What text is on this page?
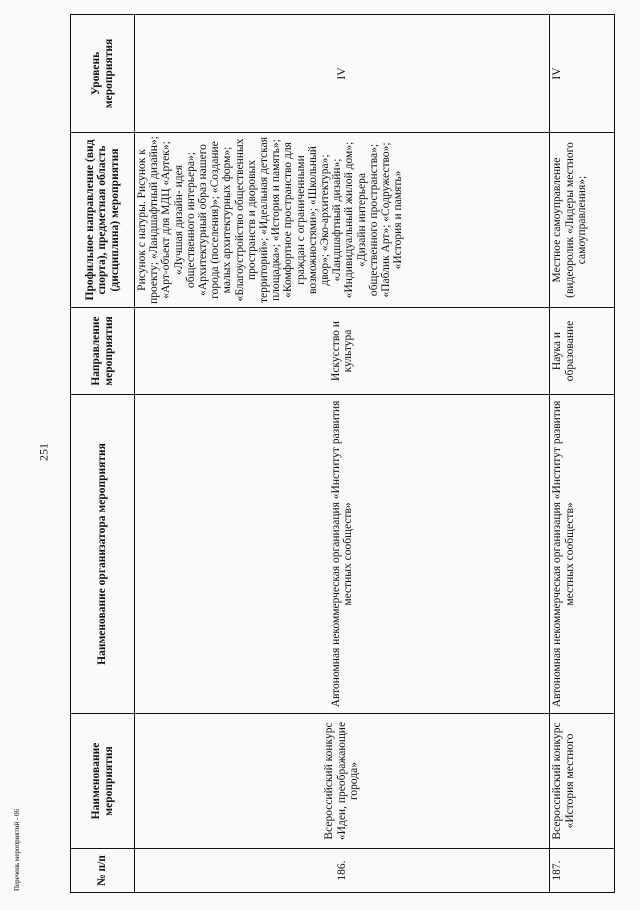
251
№ п/п	Наименование мероприятия	Наименование организатора мероприятия	Направление мероприятия	Профильное направление (вид спорта), предметная область (дисциплина) мероприятия	Уровень мероприятия
186.	Всероссийский конкурс «Идеи, преображающие города»	Автономная некоммерческая организация «Институт развития местных сообществ»	Искусство и культура	Рисунок с натуры. Рисунок к проекту; «Ландшафтный дизайн»; «Арт-объект для МДЦ «Артек»; «Лучшая дизайн- идея общественного интерьера»; «Архитектурный образ нашего города (поселения)»; «Создание малых архитектурных форм»; «Благоустройство общественных пространств и дворовых территорий»; «Идеальная детская площадка»; «История и память»; «Комфортное пространство для граждан с ограниченными возможностями»; «Школьный двор»; «Эко-архитектура»; «Ландшафтный дизайн»; «Индивидуальный жилой дом»; «Дизайн интерьера общественного пространства»; «Паблик Арт»; «Содружество»; «История и память»	IV
187.	Всероссийский конкурс «История местного	Автономная некоммерческая организация «Институт развития местных сообществ»	Наука и образование	Местное самоуправление (видеоролик «Лидеры местного самоуправления»;	IV
Перечень мероприятий - 06
